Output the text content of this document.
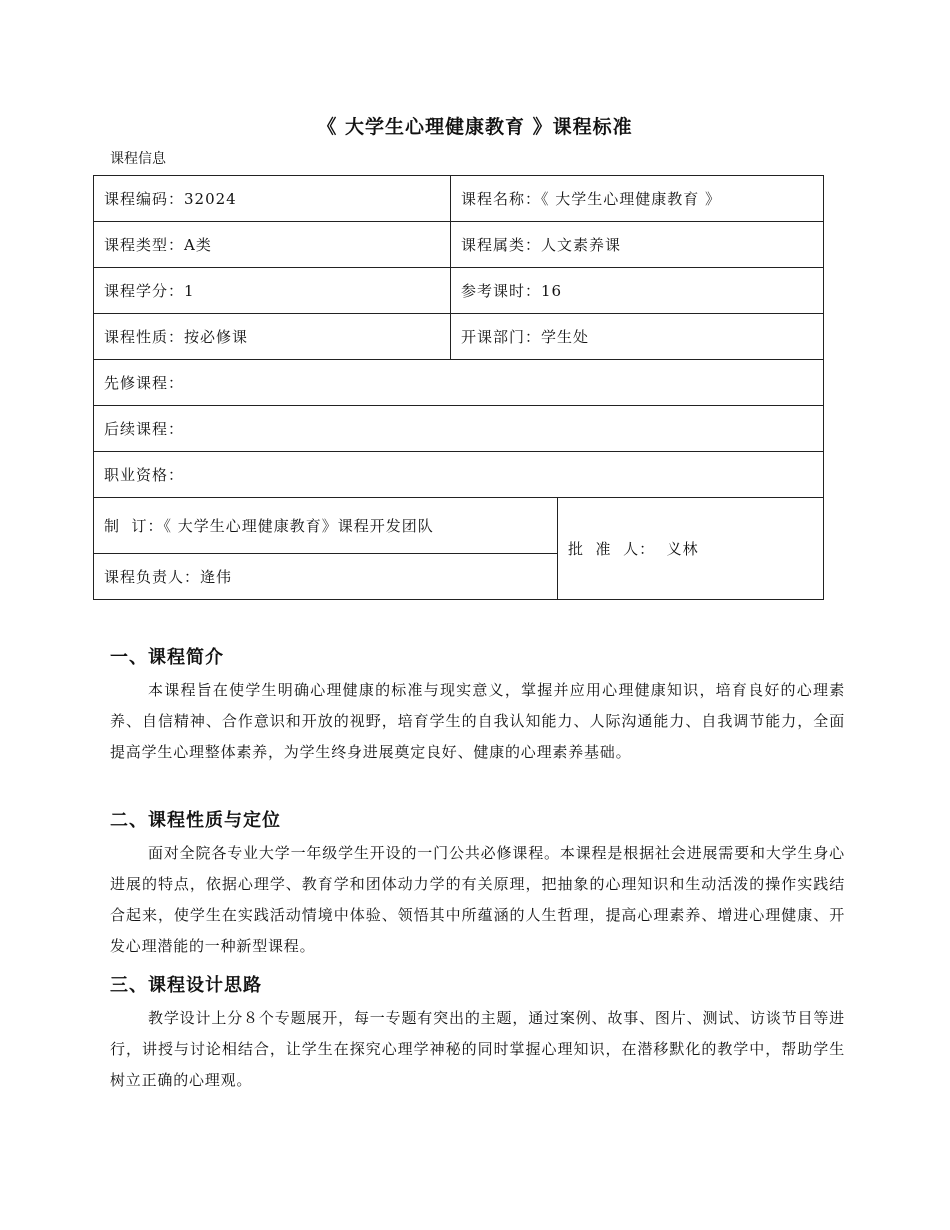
《 大学生心理健康教育 》课程标准
课程信息
课程编码：32024	课程名称：《 大学生心理健康教育 》	
课程类型：A类	课程属类：人文素养课	
课程学分：1	参考课时：16	
课程性质：按必修课	开课部门：学生处	
先修课程：		
后续课程：		
职业资格：		
制  订：《 大学生心理健康教育》课程开发团队		批  准  人：  义林
课程负责人：逄伟		
一、课程简介

本课程旨在使学生明确心理健康的标准与现实意义，掌握并应用心理健康知识，培育良好的心理素养、自信精神、合作意识和开放的视野，培育学生的自我认知能力、人际沟通能力、自我调节能力，全面提高学生心理整体素养，为学生终身进展奠定良好、健康的心理素养基础。

二、课程性质与定位

面对全院各专业大学一年级学生开设的一门公共必修课程。本课程是根据社会进展需要和大学生身心进展的特点，依据心理学、教育学和团体动力学的有关原理，把抽象的心理知识和生动活泼的操作实践结合起来，使学生在实践活动情境中体验、领悟其中所蕴涵的人生哲理，提高心理素养、增进心理健康、开发心理潜能的一种新型课程。

三、课程设计思路

教学设计上分８个专题展开，每一专题有突出的主题，通过案例、故事、图片、测试、访谈节目等进行，讲授与讨论相结合，让学生在探究心理学神秘的同时掌握心理知识，在潜移默化的教学中，帮助学生树立正确的心理观。
